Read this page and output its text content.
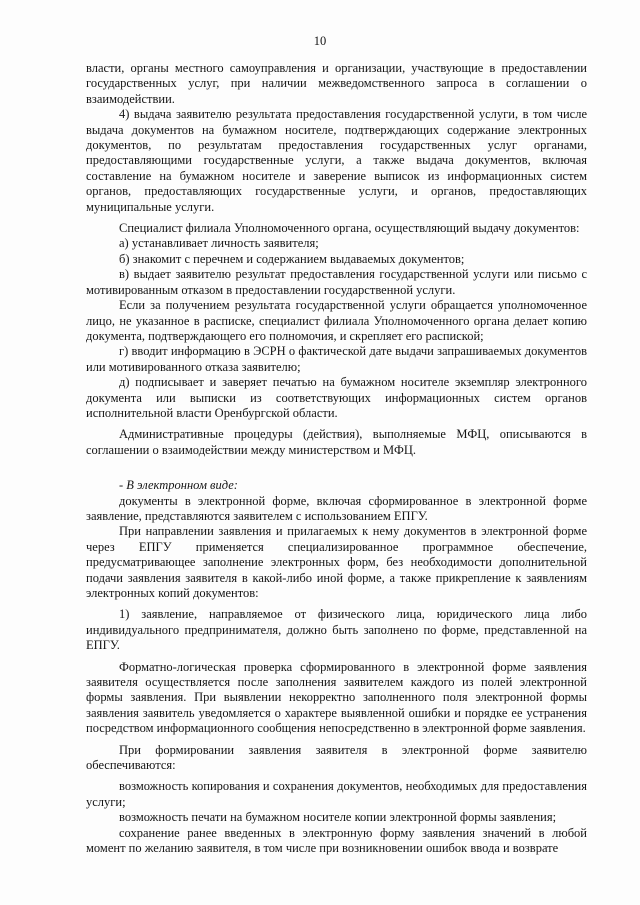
10

власти, органы местного самоуправления и организации, участвующие в предоставлении государственных услуг, при наличии межведомственного запроса в соглашении о взаимодействии.

4) выдача заявителю результата предоставления государственной услуги, в том числе выдача документов на бумажном носителе, подтверждающих содержание электронных документов, по результатам предоставления государственных услуг органами, предоставляющими государственные услуги, а также выдача документов, включая составление на бумажном носителе и заверение выписок из информационных систем органов, предоставляющих государственные услуги, и органов, предоставляющих муниципальные услуги.

Специалист филиала Уполномоченного органа, осуществляющий выдачу документов:

а) устанавливает личность заявителя;

б) знакомит с перечнем и содержанием выдаваемых документов;

в) выдает заявителю результат предоставления государственной услуги или письмо с мотивированным отказом в предоставлении государственной услуги.

Если за получением результата государственной услуги обращается уполномоченное лицо, не указанное в расписке, специалист филиала Уполномоченного органа делает копию документа, подтверждающего его полномочия, и скрепляет его распиской;

г) вводит информацию в ЭСРН о фактической дате выдачи запрашиваемых документов или мотивированного отказа заявителю;

д) подписывает и заверяет печатью на бумажном носителе экземпляр электронного документа или выписки из соответствующих информационных систем органов исполнительной власти Оренбургской области.

Административные процедуры (действия), выполняемые МФЦ, описываются в соглашении о взаимодействии между министерством и МФЦ.

- В электронном виде:

документы в электронной форме, включая сформированное в электронной форме заявление, представляются заявителем с использованием ЕПГУ.

При направлении заявления и прилагаемых к нему документов в электронной форме через ЕПГУ применяется специализированное программное обеспечение, предусматривающее заполнение электронных форм, без необходимости дополнительной подачи заявления заявителя в какой-либо иной форме, а также прикрепление к заявлениям электронных копий документов:

1) заявление, направляемое от физического лица, юридического лица либо индивидуального предпринимателя, должно быть заполнено по форме, представленной на ЕПГУ.

Форматно-логическая проверка сформированного в электронной форме заявления заявителя осуществляется после заполнения заявителем каждого из полей электронной формы заявления. При выявлении некорректно заполненного поля электронной формы заявления заявитель уведомляется о характере выявленной ошибки и порядке ее устранения посредством информационного сообщения непосредственно в электронной форме заявления.

При формировании заявления заявителя в электронной форме заявителю обеспечиваются:

возможность копирования и сохранения документов, необходимых для предоставления услуги;

возможность печати на бумажном носителе копии электронной формы заявления;

сохранение ранее введенных в электронную форму заявления значений в любой момент по желанию заявителя, в том числе при возникновении ошибок ввода и возврате
